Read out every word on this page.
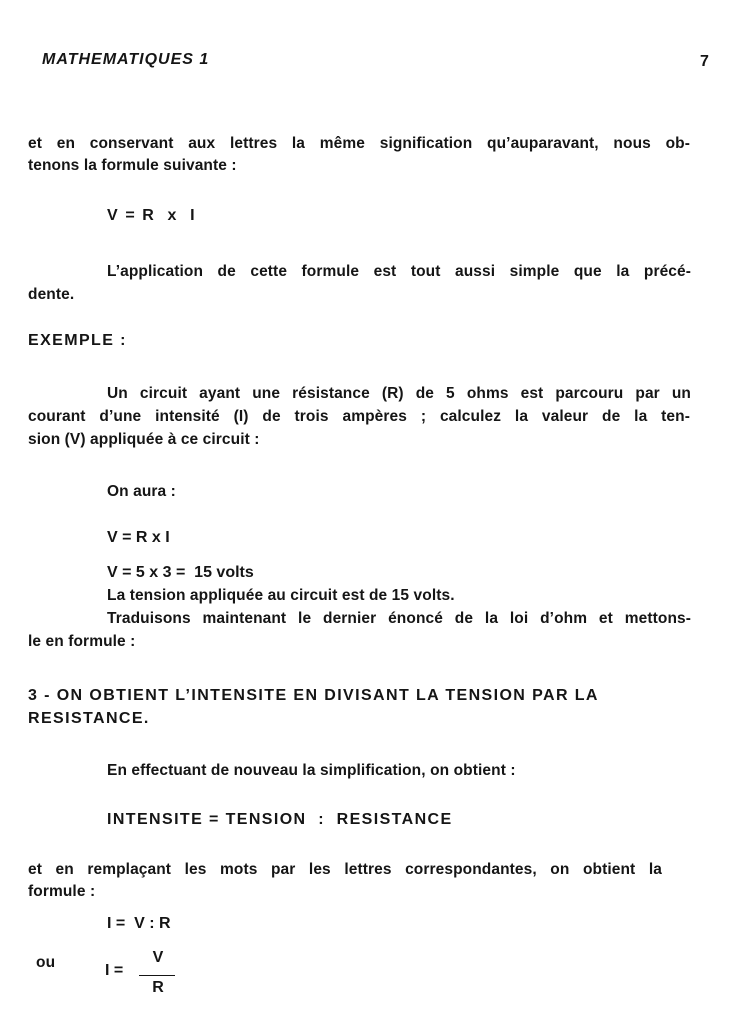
MATHEMATIQUES 1	7
et en conservant aux lettres la même signification qu’auparavant, nous ob-
tenons la formule suivante :
V = R  x  I
L’application de cette formule est tout aussi simple que la précé-
dente.
EXEMPLE :
Un circuit ayant une résistance (R) de 5 ohms est parcouru par un
courant d’une intensité (I) de trois ampères ; calculez la valeur de la ten-
sion (V) appliquée à ce circuit :
On aura :
V = R x I
V = 5 x 3 =  15 volts
La tension appliquée au circuit est de 15 volts.
Traduisons maintenant le dernier énoncé de la loi d’ohm et mettons-
le en formule :
3 - ON OBTIENT L’INTENSITE EN DIVISANT LA TENSION PAR LA
RESISTANCE.
En effectuant de nouveau la simplification, on obtient :
INTENSITE = TENSION  :  RESISTANCE
et en remplaçant les mots par les lettres correspondantes, on obtient la
formule :
I =  V : R
ou	I =
V
R
